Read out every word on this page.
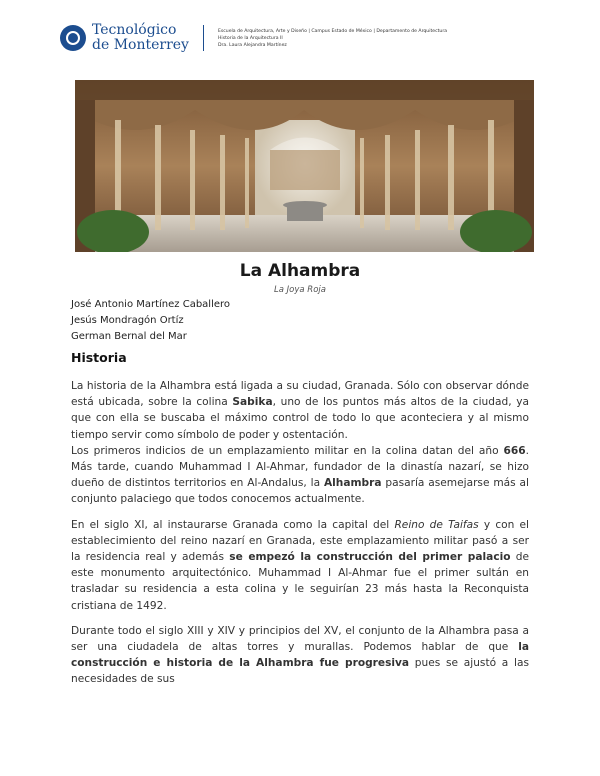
Tecnológico
de Monterrey
Escuela de Arquitectura, Arte y Diseño | Campus Estado de México | Departamento de Arquitectura
Historia de la Arquitectura II
Dra. Laura Alejandra Martínez
La Alhambra
La Joya Roja
José Antonio Martínez Caballero
Jesús Mondragón Ortíz
German Bernal del Mar
Historia

La historia de la Alhambra está ligada a su ciudad, Granada. Sólo con observar dónde está ubicada, sobre la colina Sabika, uno de los puntos más altos de la ciudad, ya que con ella se buscaba el máximo control de todo lo que aconteciera y al mismo tiempo servir como símbolo de poder y ostentación.

Los primeros indicios de un emplazamiento militar en la colina datan del año 666. Más tarde, cuando Muhammad I Al-Ahmar, fundador de la dinastía nazarí, se hizo dueño de distintos territorios en Al-Andalus, la Alhambra pasaría asemejarse más al conjunto palaciego que todos conocemos actualmente.

En el siglo XI, al instaurarse Granada como la capital del Reino de Taifas y con el establecimiento del reino nazarí en Granada, este emplazamiento militar pasó a ser la residencia real y además se empezó la construcción del primer palacio de este monumento arquitectónico. Muhammad I Al-Ahmar fue el primer sultán en trasladar su residencia a esta colina y le seguirían 23 más hasta la Reconquista cristiana de 1492.

Durante todo el siglo XIII y XIV y principios del XV, el conjunto de la Alhambra pasa a ser una ciudadela de altas torres y murallas. Podemos hablar de que la construcción e historia de la Alhambra fue progresiva pues se ajustó a las necesidades de sus
